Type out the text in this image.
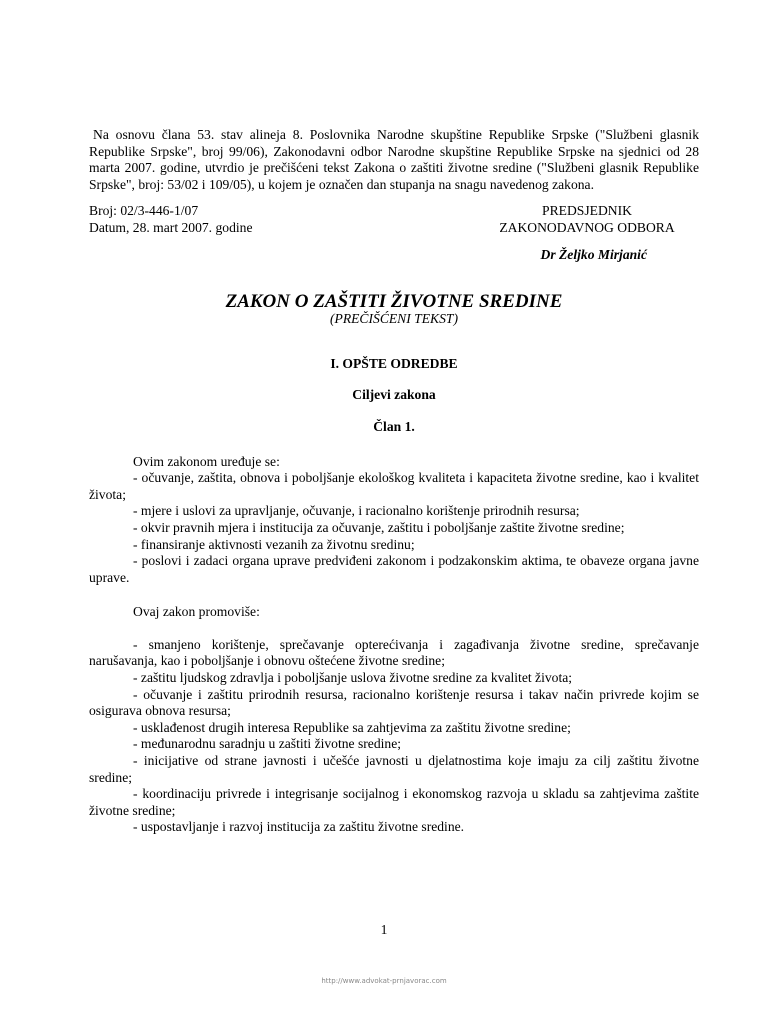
Na osnovu člana 53. stav alineja 8. Poslovnika Narodne skupštine Republike Srpske ("Službeni glasnik Republike Srpske", broj 99/06), Zakonodavni odbor Narodne skupštine Republike Srpske na sjednici od 28 marta 2007. godine, utvrdio je prečišćeni tekst Zakona o zaštiti životne sredine ("Službeni glasnik Republike Srpske", broj: 53/02 i 109/05), u kojem je označen dan stupanja na snagu navedenog zakona.

Broj: 02/3-446-1/07
Datum, 28. mart 2007. godine
PREDSJEDNIK
ZAKONODAVNOG ODBORA
Dr Željko Mirjanić
ZAKON O ZAŠTITI ŽIVOTNE SREDINE
(PREČIŠĆENI TEKST)
I. OPŠTE ODREDBE
Ciljevi zakona
Član 1.

Ovim zakonom uređuje se:

- očuvanje, zaštita, obnova i poboljšanje ekološkog kvaliteta i kapaciteta životne sredine, kao i kvalitet života;
- mjere i uslovi za upravljanje, očuvanje, i racionalno korištenje prirodnih resursa;
- okvir pravnih mjera i institucija za očuvanje, zaštitu i poboljšanje zaštite životne sredine;
- finansiranje aktivnosti vezanih za životnu sredinu;
- poslovi i zadaci organa uprave predviđeni zakonom i podzakonskim aktima, te obaveze organa javne uprave.

Ovaj zakon promoviše:

- smanjeno korištenje, sprečavanje opterećivanja i zagađivanja životne sredine, sprečavanje narušavanja, kao i poboljšanje i obnovu oštećene životne sredine;
- zaštitu ljudskog zdravlja i poboljšanje uslova životne sredine za kvalitet života;
- očuvanje i zaštitu prirodnih resursa, racionalno korištenje resursa i takav način privrede kojim se osigurava obnova resursa;
- usklađenost drugih interesa Republike sa zahtjevima za zaštitu životne sredine;
- međunarodnu saradnju u zaštiti životne sredine;
- inicijative od strane javnosti i učešće javnosti u djelatnostima koje imaju za cilj zaštitu životne sredine;
- koordinaciju privrede i integrisanje socijalnog i ekonomskog razvoja u skladu sa zahtjevima zaštite životne sredine;
- uspostavljanje i razvoj institucija za zaštitu životne sredine.
1
http://www.advokat-prnjavorac.com
